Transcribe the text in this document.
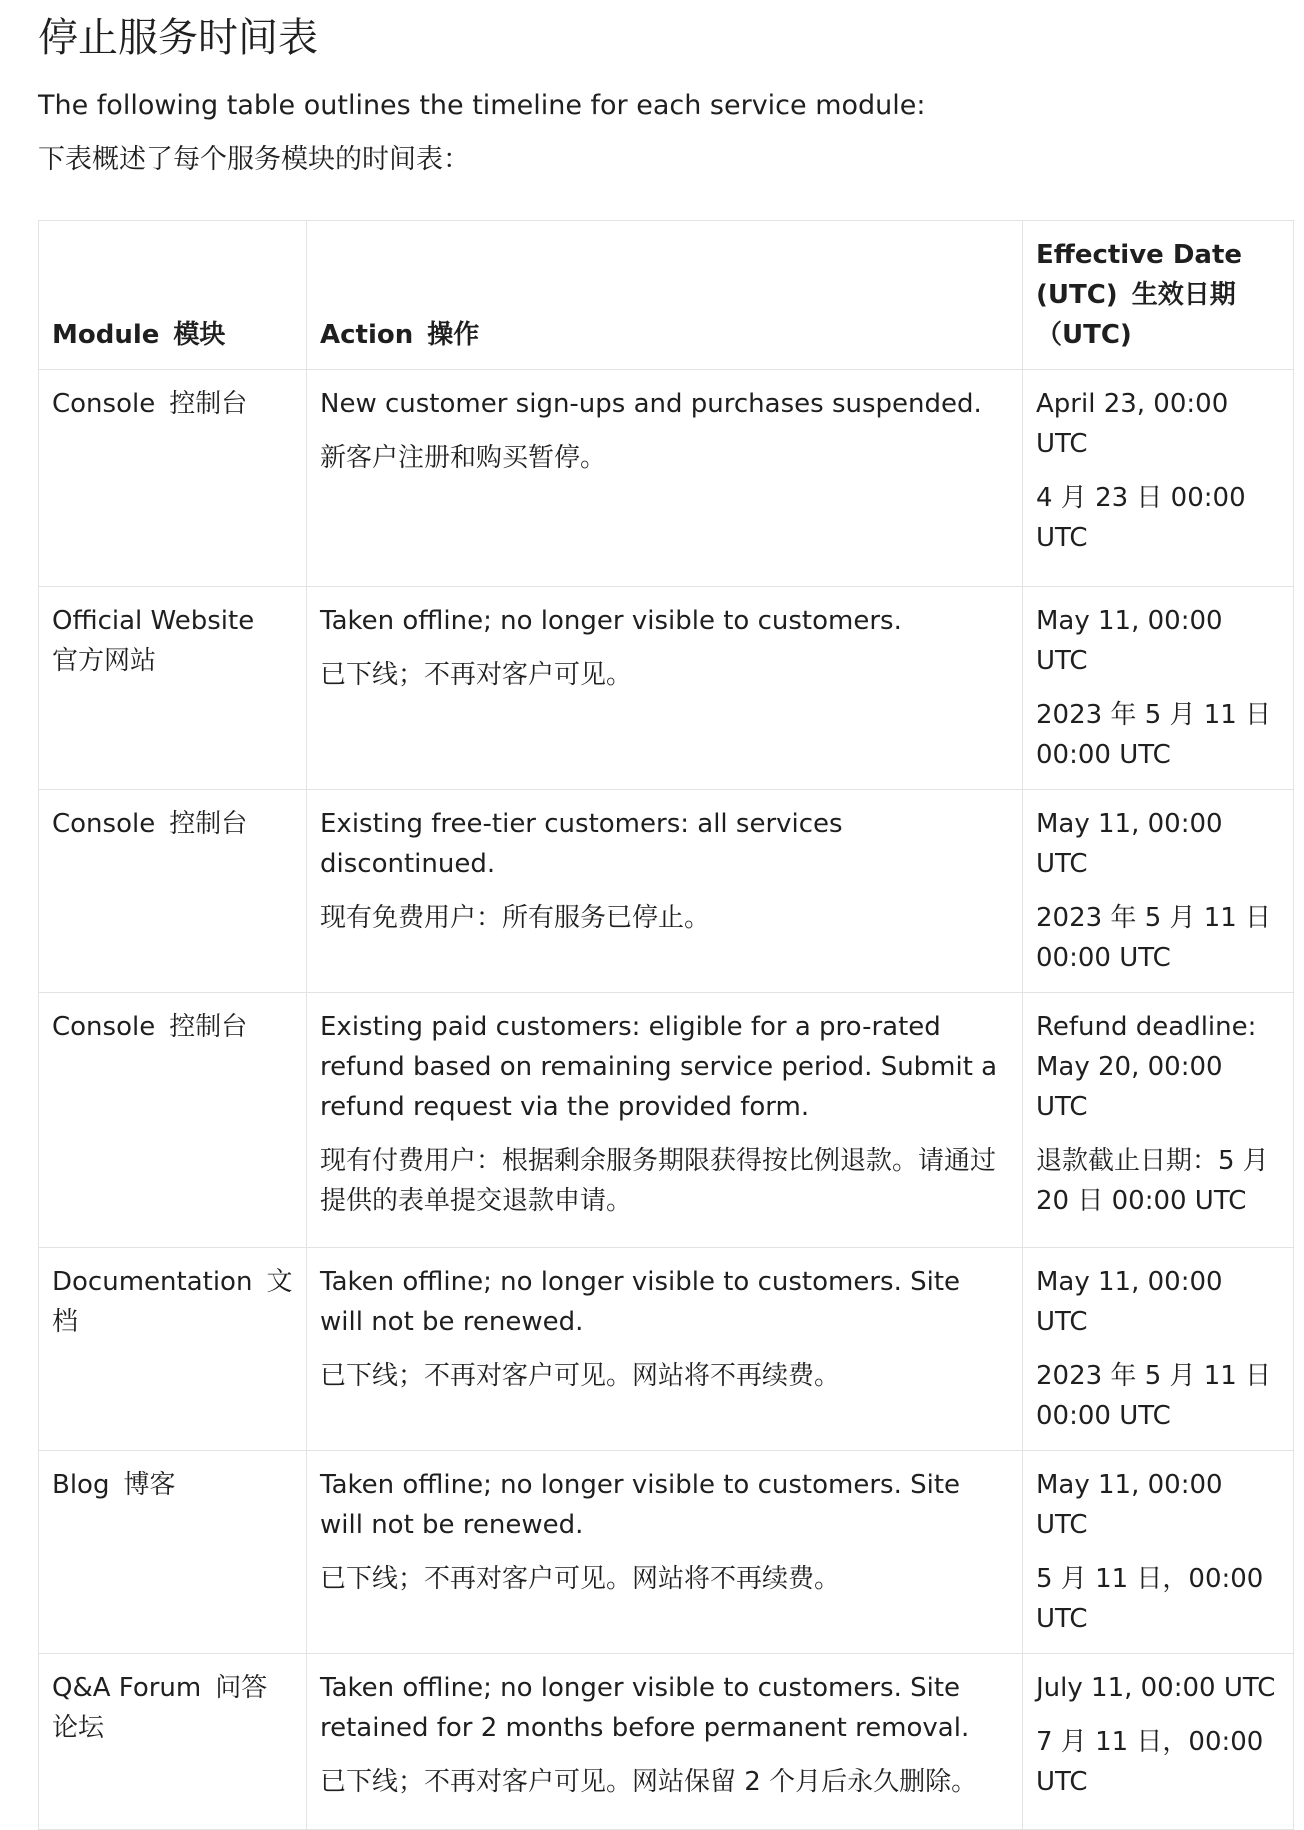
停止服务时间表

The following table outlines the timeline for each service module:

下表概述了每个服务模块的时间表：

Module 模块	Action 操作	Effective Date (UTC) 生效日期（UTC)
Console 控制台	New customer sign-ups and purchases suspended.
新客户注册和购买暂停。	April 23, 00:00 UTC
4 月 23 日 00:00 UTC

Official Website官方网站	Taken offline; no longer visible to customers.
已下线；不再对客户可见。	May 11, 00:00 UTC
2023 年 5 月 11 日 00:00 UTC

Console 控制台	Existing free-tier customers: all services discontinued.
现有免费用户：所有服务已停止。	May 11, 00:00 UTC
2023 年 5 月 11 日 00:00 UTC

Console 控制台	Existing paid customers: eligible for a pro-rated refund based on remaining service period. Submit a refund request via the provided form.
现有付费用户：根据剩余服务期限获得按比例退款。请通过提供的表单提交退款申请。	Refund deadline: May 20, 00:00 UTC
退款截止日期：5 月 20 日 00:00 UTC

Documentation 文档	Taken offline; no longer visible to customers. Site will not be renewed.
已下线；不再对客户可见。网站将不再续费。	May 11, 00:00 UTC
2023 年 5 月 11 日 00:00 UTC

Blog 博客	Taken offline; no longer visible to customers. Site will not be renewed.
已下线；不再对客户可见。网站将不再续费。	May 11, 00:00 UTC
5 月 11 日，00:00 UTC

Q&A Forum 问答论坛	Taken offline; no longer visible to customers. Site retained for 2 months before permanent removal.
已下线；不再对客户可见。网站保留 2 个月后永久删除。	July 11, 00:00 UTC
7 月 11 日，00:00 UTC
